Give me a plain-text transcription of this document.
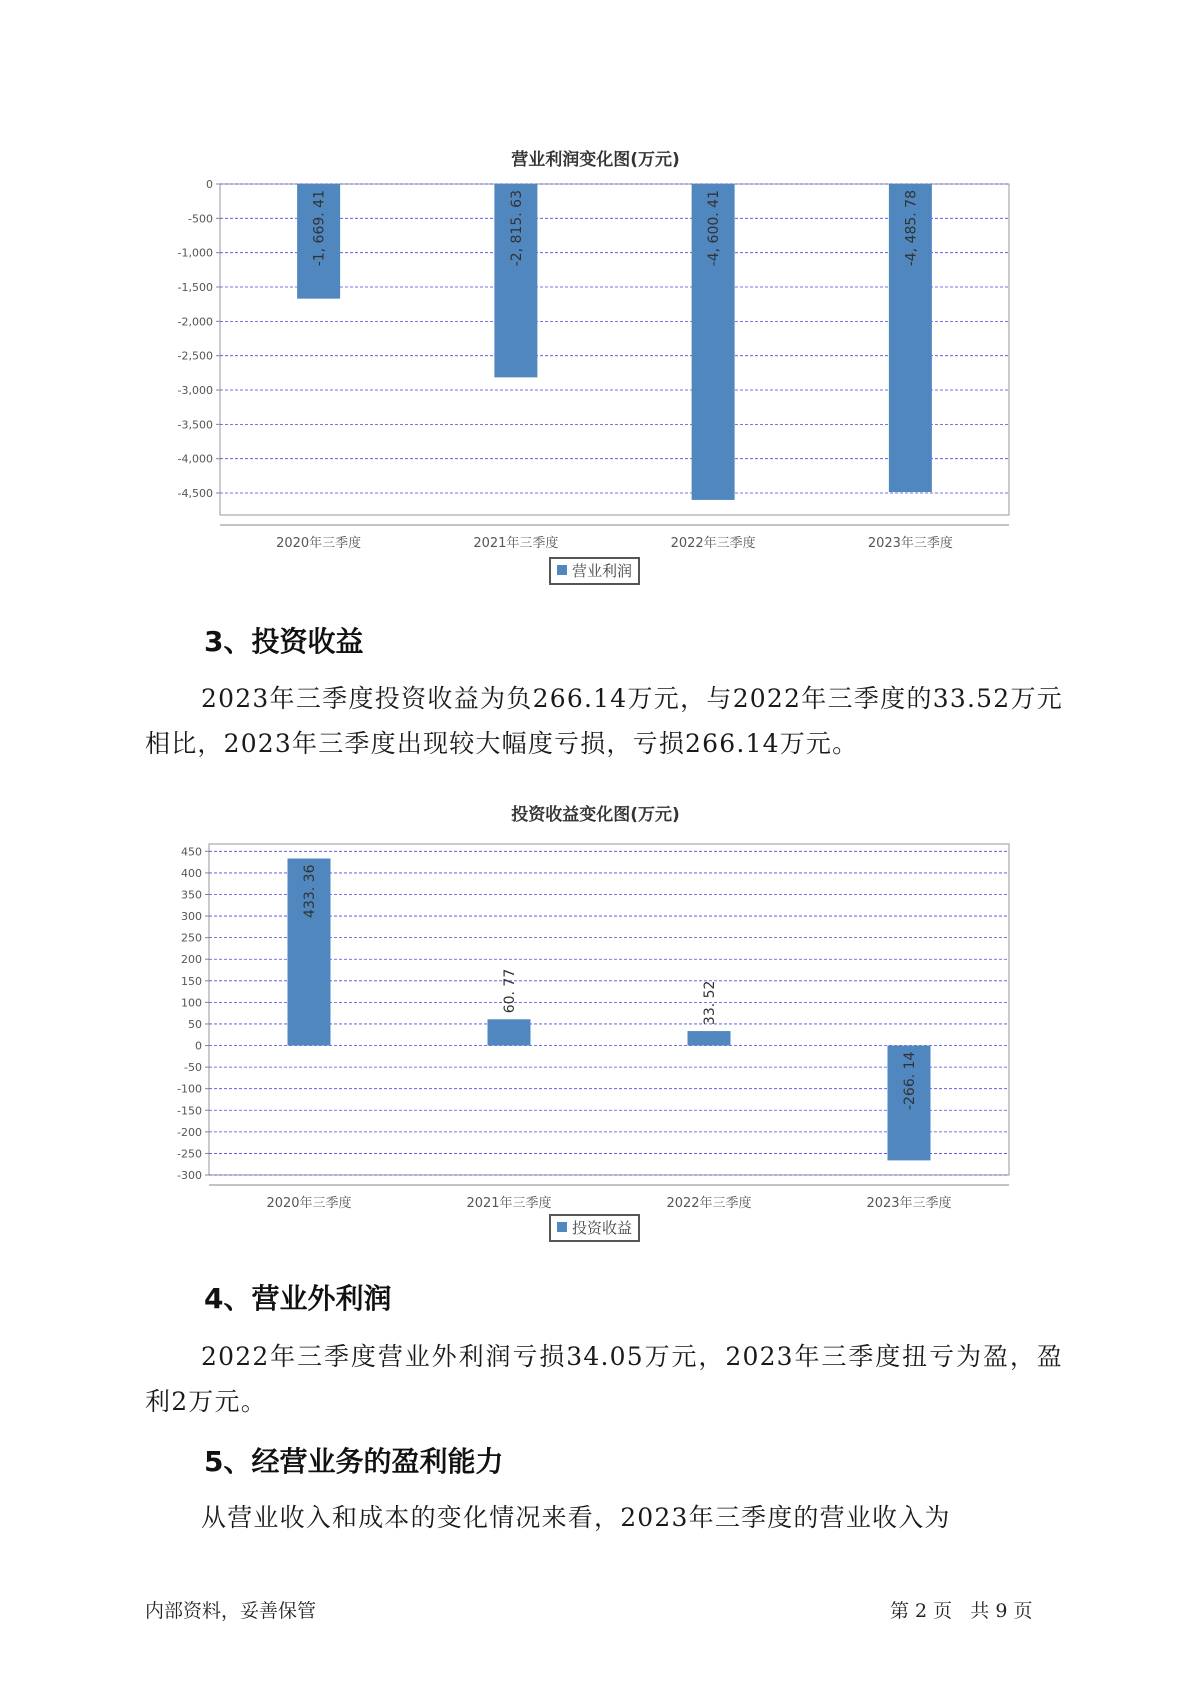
营业利润变化图(万元)
0
-500
-1,000
-1,500
-2,000
-2,500
-3,000
-3,500
-4,000
-4,500
-1, 669. 41
2020年三季度
-2, 815. 63
2021年三季度
-4, 600. 41
2022年三季度
-4, 485. 78
2023年三季度
营业利润
3、投资收益

2023年三季度投资收益为负266.14万元，与2022年三季度的33.52万元相比，2023年三季度出现较大幅度亏损，亏损266.14万元。

投资收益变化图(万元)
450
400
350
300
250
200
150
100
50
0
-50
-100
-150
-200
-250
-300
433. 36
2020年三季度
60. 77
2021年三季度
33. 52
2022年三季度
-266. 14
2023年三季度
投资收益
4、营业外利润

2022年三季度营业外利润亏损34.05万元，2023年三季度扭亏为盈，盈利2万元。

5、经营业务的盈利能力

从营业收入和成本的变化情况来看，2023年三季度的营业收入为

内部资料，妥善保管	第 2 页   共 9 页
